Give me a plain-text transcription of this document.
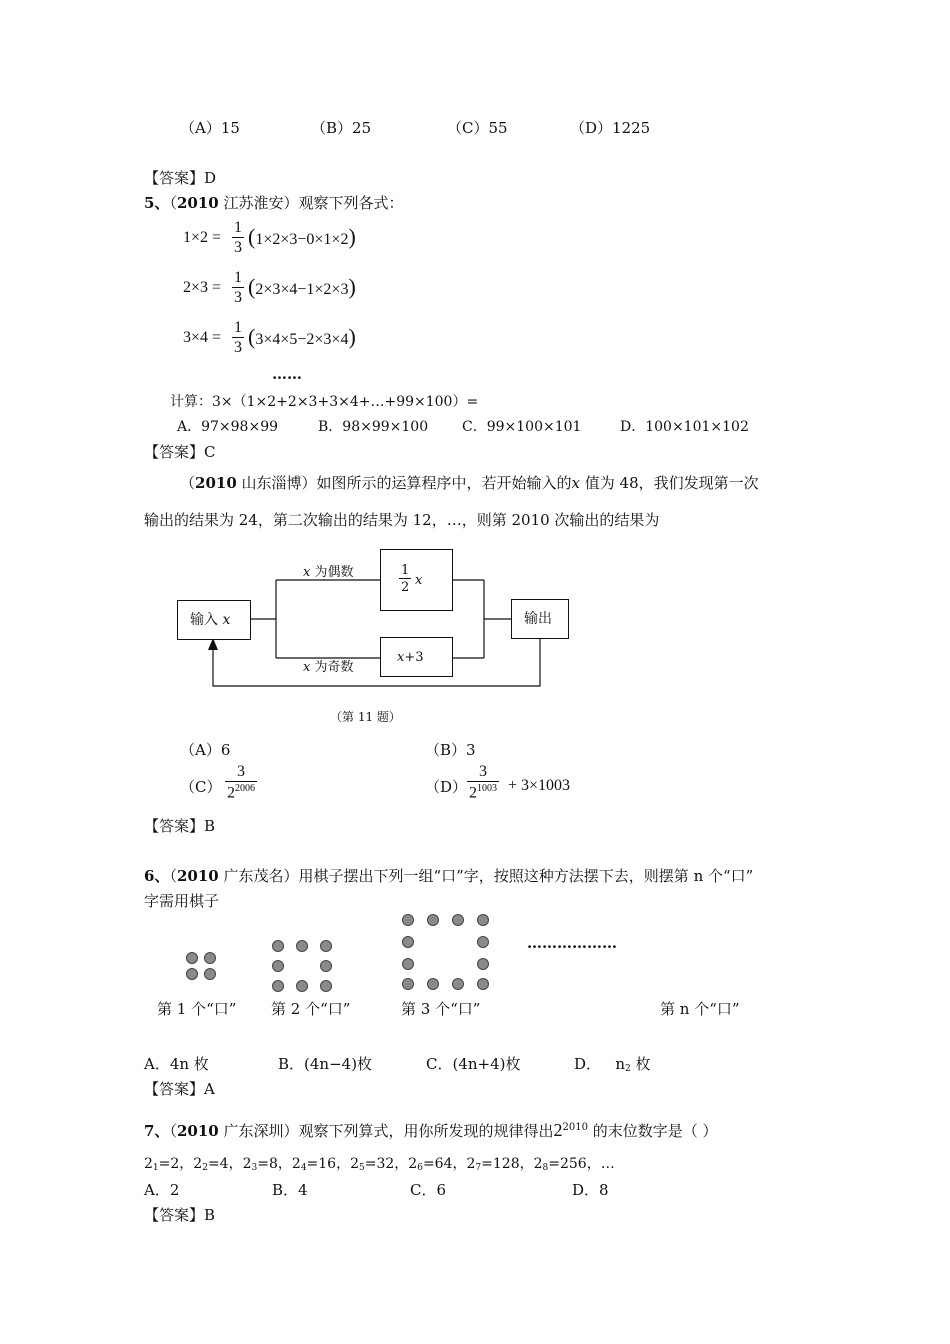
（A）15	（B）25	（C）55	（D）1225
【答案】D
5、（2010 江苏淮安）观察下列各式：
$1\times 2 = \frac{1}{3} (1\times 2\times 3-0\times 1\times 2)$
$2\times 3 = \frac{1}{3} (2\times 3\times 4-1\times 2\times 3)$
$3\times 4 = \frac{1}{3} (3\times 4\times 5-2\times 3\times 4)$
……
计算：3×（1×2+2×3+3×4+…+99×100）=
A．97×98×99	B．98×99×100 C．99×100×101	D．100×101×102
【答案】C
（2010 山东淄博）如图所示的运算程序中，若开始输入的x 值为 48，我们发现第一次
输出的结果为 24，第二次输出的结果为 12，…，则第 2010 次输出的结果为
输入 x
x 为偶数
x 为奇数
$\frac{1}{2}$ x
x+3
输出
（第 11 题）
（A）6	（B）3
$(C) \frac{3}{2^{2006}}$	$(D) \frac{3}{2^{1003}} + 3\times 1003$
【答案】B
6、（2010 广东茂名）用棋子摆出下列一组“口”字，按照这种方法摆下去，则摆第 n 个“口”
字需用棋子
………………
第 1 个“口” 第 2 个“口”	第 3 个“口”	第 n 个“口”
A．4n 枚	B．(4n−4)枚	C．(4n+4)枚	D． $n_2$ 枚
【答案】A
7、（2010 广东深圳）观察下列算式，用你所发现的规律得出$2^{2010}$ 的末位数字是（ ）
$2_1=2$，$2_2=4$，$2_3=8$，$2_4=16$，$2_5=32$，$2_6=64$，$2_7=128$，$2_8=256$，…
A．2	B．4	C．6	D．8
【答案】B
